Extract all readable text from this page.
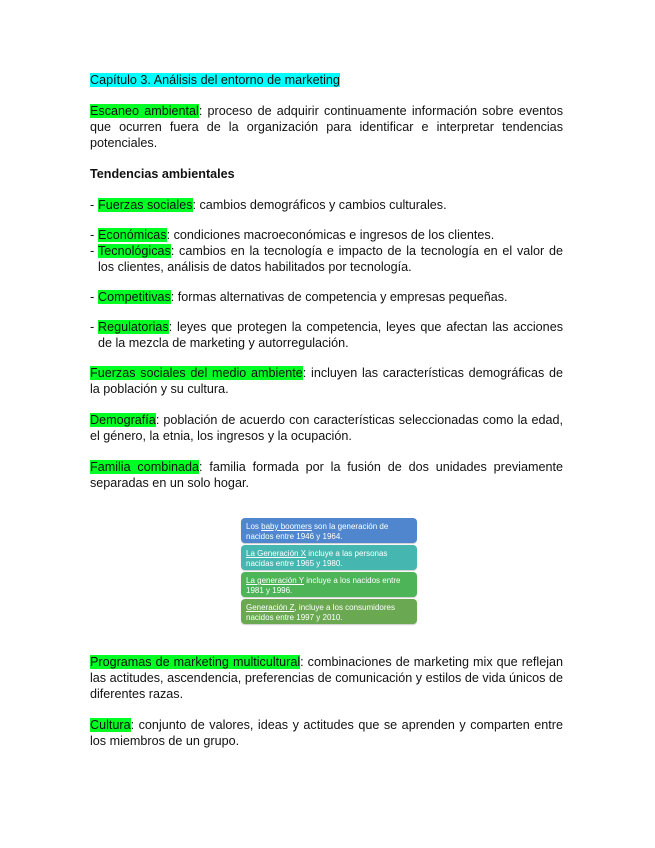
Capítulo 3. Análisis del entorno de marketing

Escaneo ambiental: proceso de adquirir continuamente información sobre eventos que ocurren fuera de la organización para identificar e interpretar tendencias potenciales.

Tendencias ambientales

- Fuerzas sociales: cambios demográficos y cambios culturales.
- Económicas: condiciones macroeconómicas e ingresos de los clientes.
- Tecnológicas: cambios en la tecnología e impacto de la tecnología en el valor de los clientes, análisis de datos habilitados por tecnología.
- Competitivas: formas alternativas de competencia y empresas pequeñas.
- Regulatorias: leyes que protegen la competencia, leyes que afectan las acciones de la mezcla de marketing y autorregulación.

Fuerzas sociales del medio ambiente: incluyen las características demográficas de la población y su cultura.

Demografía: población de acuerdo con características seleccionadas como la edad, el género, la etnia, los ingresos y la ocupación.

Familia combinada: familia formada por la fusión de dos unidades previamente separadas en un solo hogar.

Los baby boomers son la generación de nacidos entre 1946 y 1964.
La Generación X incluye a las personas nacidas entre 1965 y 1980.
La generación Y incluye a los nacidos entre 1981 y 1996.
Generación Z, incluye a los consumidores nacidos entre 1997 y 2010.

Programas de marketing multicultural: combinaciones de marketing mix que reflejan las actitudes, ascendencia, preferencias de comunicación y estilos de vida únicos de diferentes razas.

Cultura: conjunto de valores, ideas y actitudes que se aprenden y comparten entre los miembros de un grupo.
